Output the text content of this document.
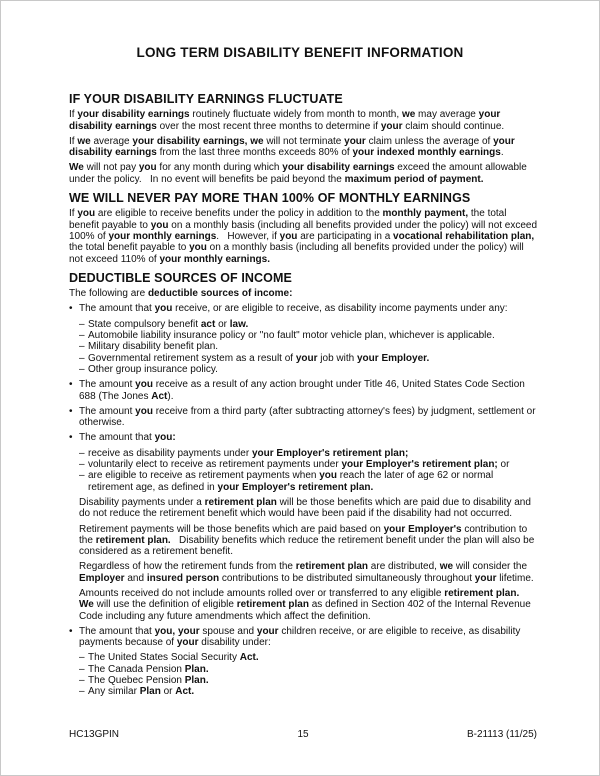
LONG TERM DISABILITY BENEFIT INFORMATION
IF YOUR DISABILITY EARNINGS FLUCTUATE
If your disability earnings routinely fluctuate widely from month to month, we may average your disability earnings over the most recent three months to determine if your claim should continue.
If we average your disability earnings, we will not terminate your claim unless the average of your disability earnings from the last three months exceeds 80% of your indexed monthly earnings.
We will not pay you for any month during which your disability earnings exceed the amount allowable under the policy.   In no event will benefits be paid beyond the maximum period of payment.
WE WILL NEVER PAY MORE THAN 100% OF MONTHLY EARNINGS
If you are eligible to receive benefits under the policy in addition to the monthly payment, the total benefit payable to you on a monthly basis (including all benefits provided under the policy) will not exceed 100% of your monthly earnings.   However, if you are participating in a vocational rehabilitation plan, the total benefit payable to you on a monthly basis (including all benefits provided under the policy) will not exceed 110% of your monthly earnings.
DEDUCTIBLE SOURCES OF INCOME
The following are deductible sources of income:
• The amount that you receive, or are eligible to receive, as disability income payments under any:
– State compulsory benefit act or law.
– Automobile liability insurance policy or "no fault" motor vehicle plan, whichever is applicable.
– Military disability benefit plan.
– Governmental retirement system as a result of your job with your Employer.
– Other group insurance policy.
• The amount you receive as a result of any action brought under Title 46, United States Code Section 688 (The Jones Act).
• The amount you receive from a third party (after subtracting attorney's fees) by judgment, settlement or otherwise.
• The amount that you:
– receive as disability payments under your Employer's retirement plan;
– voluntarily elect to receive as retirement payments under your Employer's retirement plan; or
– are eligible to receive as retirement payments when you reach the later of age 62 or normal retirement age, as defined in your Employer's retirement plan.
Disability payments under a retirement plan will be those benefits which are paid due to disability and do not reduce the retirement benefit which would have been paid if the disability had not occurred.
Retirement payments will be those benefits which are paid based on your Employer's contribution to the retirement plan.   Disability benefits which reduce the retirement benefit under the plan will also be considered as a retirement benefit.
Regardless of how the retirement funds from the retirement plan are distributed, we will consider the Employer and insured person contributions to be distributed simultaneously throughout your lifetime.
Amounts received do not include amounts rolled over or transferred to any eligible retirement plan.   We will use the definition of eligible retirement plan as defined in Section 402 of the Internal Revenue Code including any future amendments which affect the definition.
• The amount that you, your spouse and your children receive, or are eligible to receive, as disability payments because of your disability under:
– The United States Social Security Act.
– The Canada Pension Plan.
– The Quebec Pension Plan.
– Any similar Plan or Act.
HC13GPIN	15	B-21113 (11/25)
